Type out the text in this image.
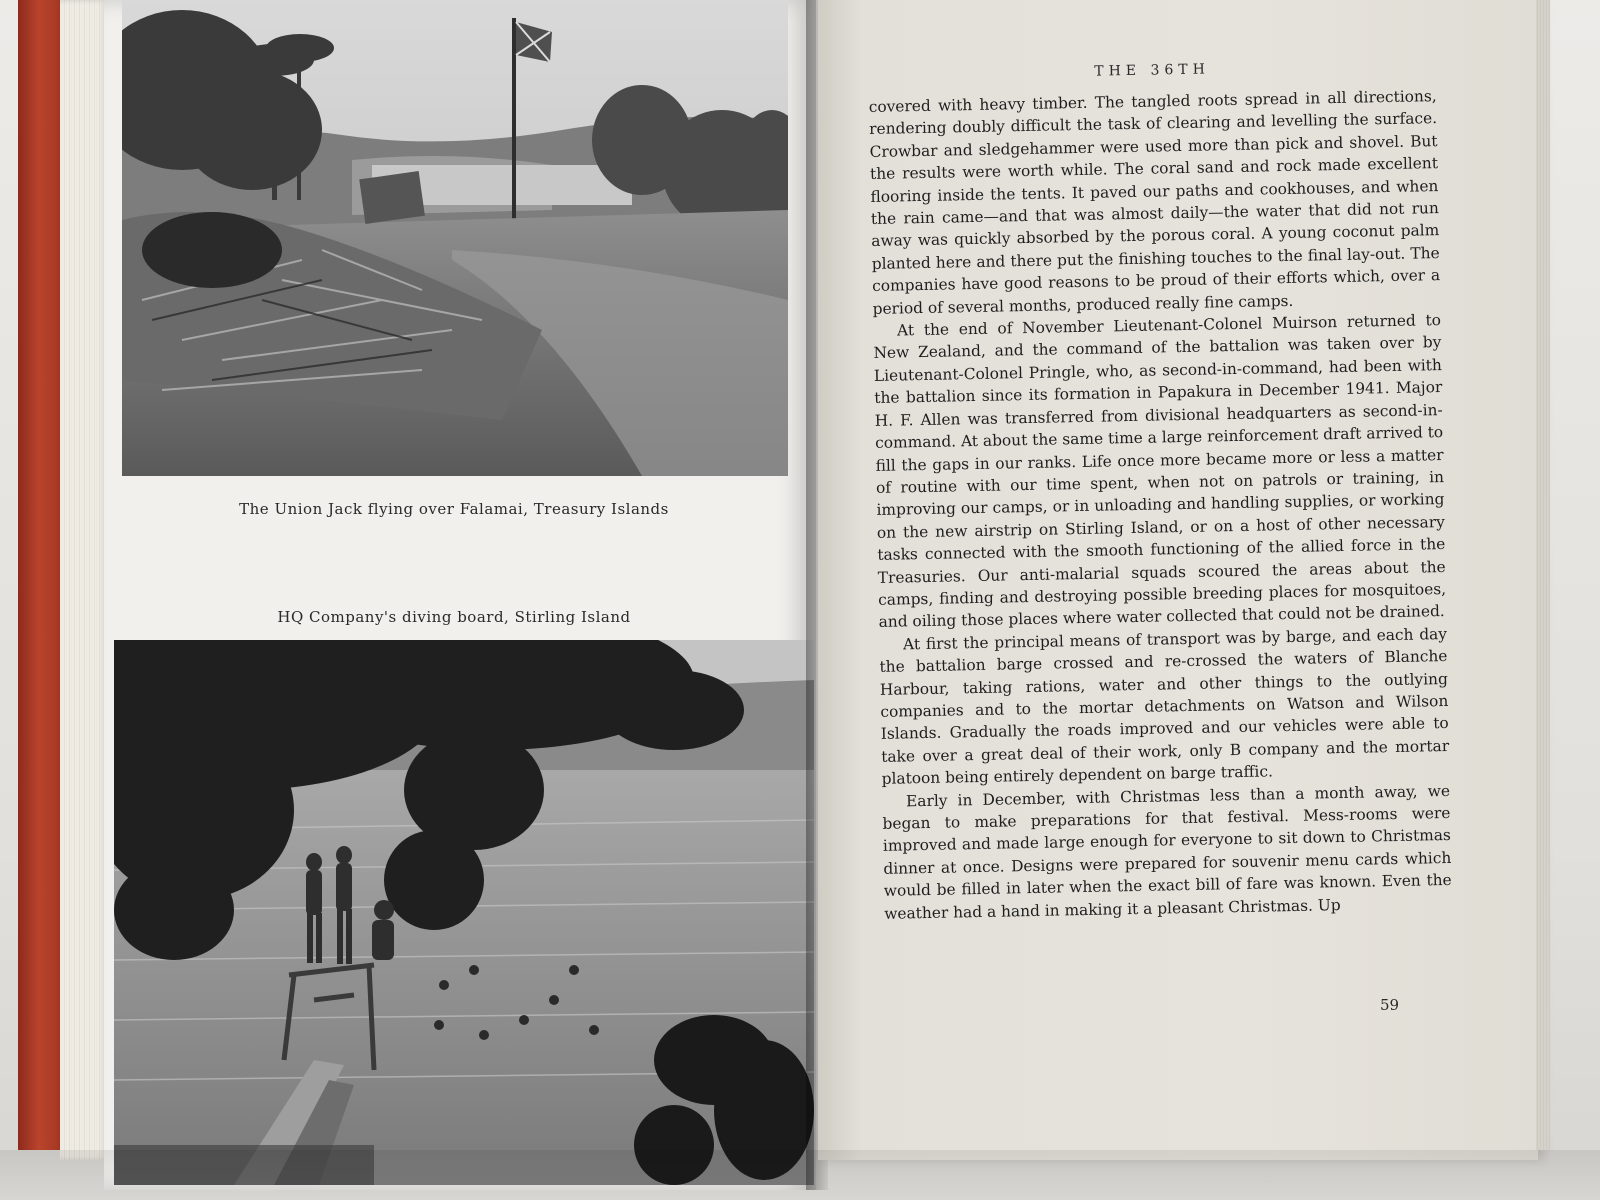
The Union Jack flying over Falamai, Treasury Islands
HQ Company's diving board, Stirling Island
THE 36TH

covered with heavy timber. The tangled roots spread in all directions, rendering doubly difficult the task of clearing and levelling the surface. Crowbar and sledgehammer were used more than pick and shovel. But the results were worth while. The coral sand and rock made excellent flooring inside the tents. It paved our paths and cookhouses, and when the rain came—and that was almost daily—the water that did not run away was quickly absorbed by the porous coral. A young coconut palm planted here and there put the finishing touches to the final lay-out. The companies have good reasons to be proud of their efforts which, over a period of several months, produced really fine camps.

At the end of November Lieutenant-Colonel Muirson returned to New Zealand, and the command of the battalion was taken over by Lieutenant-Colonel Pringle, who, as second-in-command, had been with the battalion since its formation in Papakura in December 1941. Major H. F. Allen was transferred from divisional headquarters as second-in-command. At about the same time a large reinforcement draft arrived to fill the gaps in our ranks. Life once more became more or less a matter of routine with our time spent, when not on patrols or training, in improving our camps, or in unloading and handling supplies, or working on the new airstrip on Stirling Island, or on a host of other necessary tasks connected with the smooth functioning of the allied force in the Treasuries. Our anti-malarial squads scoured the areas about the camps, finding and destroying possible breeding places for mosquitoes, and oiling those places where water collected that could not be drained.

At first the principal means of transport was by barge, and each day the battalion barge crossed and re-crossed the waters of Blanche Harbour, taking rations, water and other things to the outlying companies and to the mortar detachments on Watson and Wilson Islands. Gradually the roads improved and our vehicles were able to take over a great deal of their work, only B company and the mortar platoon being entirely dependent on barge traffic.

Early in December, with Christmas less than a month away, we began to make preparations for that festival. Mess-rooms were improved and made large enough for everyone to sit down to Christmas dinner at once. Designs were prepared for souvenir menu cards which would be filled in later when the exact bill of fare was known. Even the weather had a hand in making it a pleasant Christmas. Up

59
